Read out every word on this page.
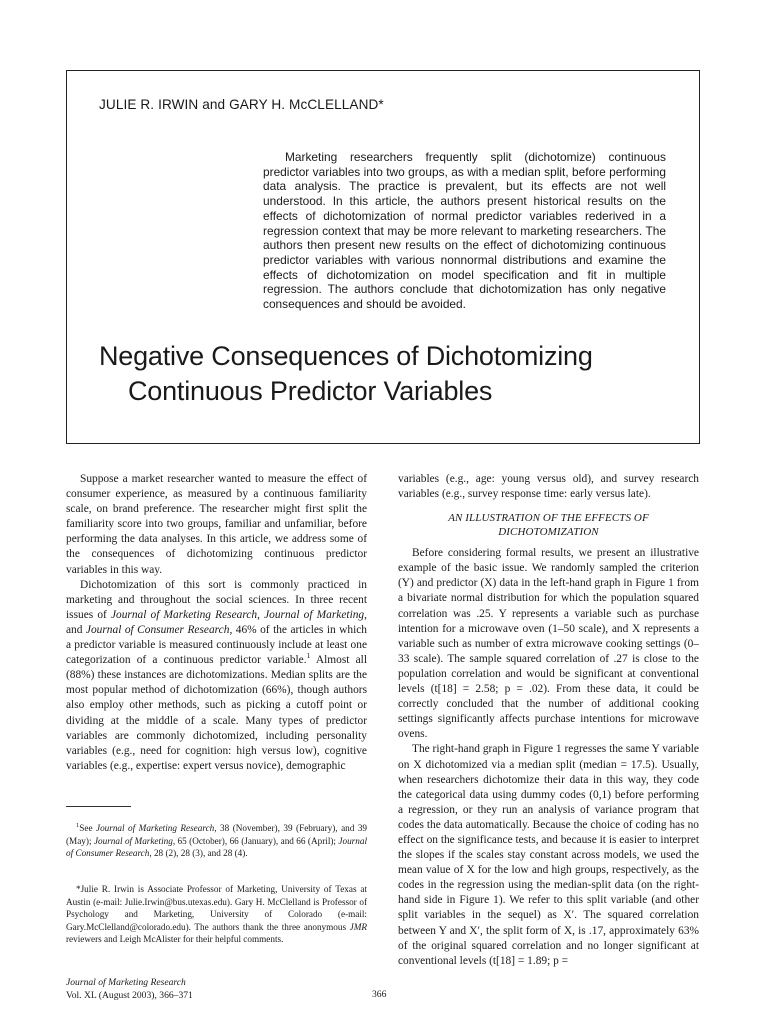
JULIE R. IRWIN and GARY H. McCLELLAND*

Marketing researchers frequently split (dichotomize) continuous predictor variables into two groups, as with a median split, before performing data analysis. The practice is prevalent, but its effects are not well understood. In this article, the authors present historical results on the effects of dichotomization of normal predictor variables rederived in a regression context that may be more relevant to marketing researchers. The authors then present new results on the effect of dichotomizing continuous predictor variables with various nonnormal distributions and examine the effects of dichotomization on model specification and fit in multiple regression. The authors conclude that dichotomization has only negative consequences and should be avoided.

Negative Consequences of Dichotomizing
Continuous Predictor Variables

Suppose a market researcher wanted to measure the effect of consumer experience, as measured by a continuous familiarity scale, on brand preference. The researcher might first split the familiarity score into two groups, familiar and unfamiliar, before performing the data analyses. In this article, we address some of the consequences of dichotomizing continuous predictor variables in this way.

Dichotomization of this sort is commonly practiced in marketing and throughout the social sciences. In three recent issues of Journal of Marketing Research, Journal of Marketing, and Journal of Consumer Research, 46% of the articles in which a predictor variable is measured continuously include at least one categorization of a continuous predictor variable.$^1$ Almost all (88%) these instances are dichotomizations. Median splits are the most popular method of dichotomization (66%), though authors also employ other methods, such as picking a cutoff point or dividing at the middle of a scale. Many types of predictor variables are commonly dichotomized, including personality variables (e.g., need for cognition: high versus low), cognitive variables (e.g., expertise: expert versus novice), demographic

variables (e.g., age: young versus old), and survey research variables (e.g., survey response time: early versus late).

AN ILLUSTRATION OF THE EFFECTS OF
DICHOTOMIZATION

Before considering formal results, we present an illustrative example of the basic issue. We randomly sampled the criterion (Y) and predictor (X) data in the left-hand graph in Figure 1 from a bivariate normal distribution for which the population squared correlation was .25. Y represents a variable such as purchase intention for a microwave oven (1–50 scale), and X represents a variable such as number of extra microwave cooking settings (0–33 scale). The sample squared correlation of .27 is close to the population correlation and would be significant at conventional levels (t[18] = 2.58; p = .02). From these data, it could be correctly concluded that the number of additional cooking settings significantly affects purchase intentions for microwave ovens.

The right-hand graph in Figure 1 regresses the same Y variable on X dichotomized via a median split (median = 17.5). Usually, when researchers dichotomize their data in this way, they code the categorical data using dummy codes (0,1) before performing a regression, or they run an analysis of variance program that codes the data automatically. Because the choice of coding has no effect on the significance tests, and because it is easier to interpret the slopes if the scales stay constant across models, we used the mean value of X for the low and high groups, respectively, as the codes in the regression using the median-split data (on the right-hand side in Figure 1). We refer to this split variable (and other split variables in the sequel) as X′. The squared correlation between Y and X′, the split form of X, is .17, approximately 63% of the original squared correlation and no longer significant at conventional levels (t[18] = 1.89; p =

$^1$See Journal of Marketing Research, 38 (November), 39 (February), and 39 (May); Journal of Marketing, 65 (October), 66 (January), and 66 (April); Journal of Consumer Research, 28 (2), 28 (3), and 28 (4).

*Julie R. Irwin is Associate Professor of Marketing, University of Texas at Austin (e-mail: Julie.Irwin@bus.utexas.edu). Gary H. McClelland is Professor of Psychology and Marketing, University of Colorado (e-mail: Gary.McClelland@colorado.edu). The authors thank the three anonymous JMR reviewers and Leigh McAlister for their helpful comments.

Journal of Marketing Research
Vol. XL (August 2003), 366–371	366
